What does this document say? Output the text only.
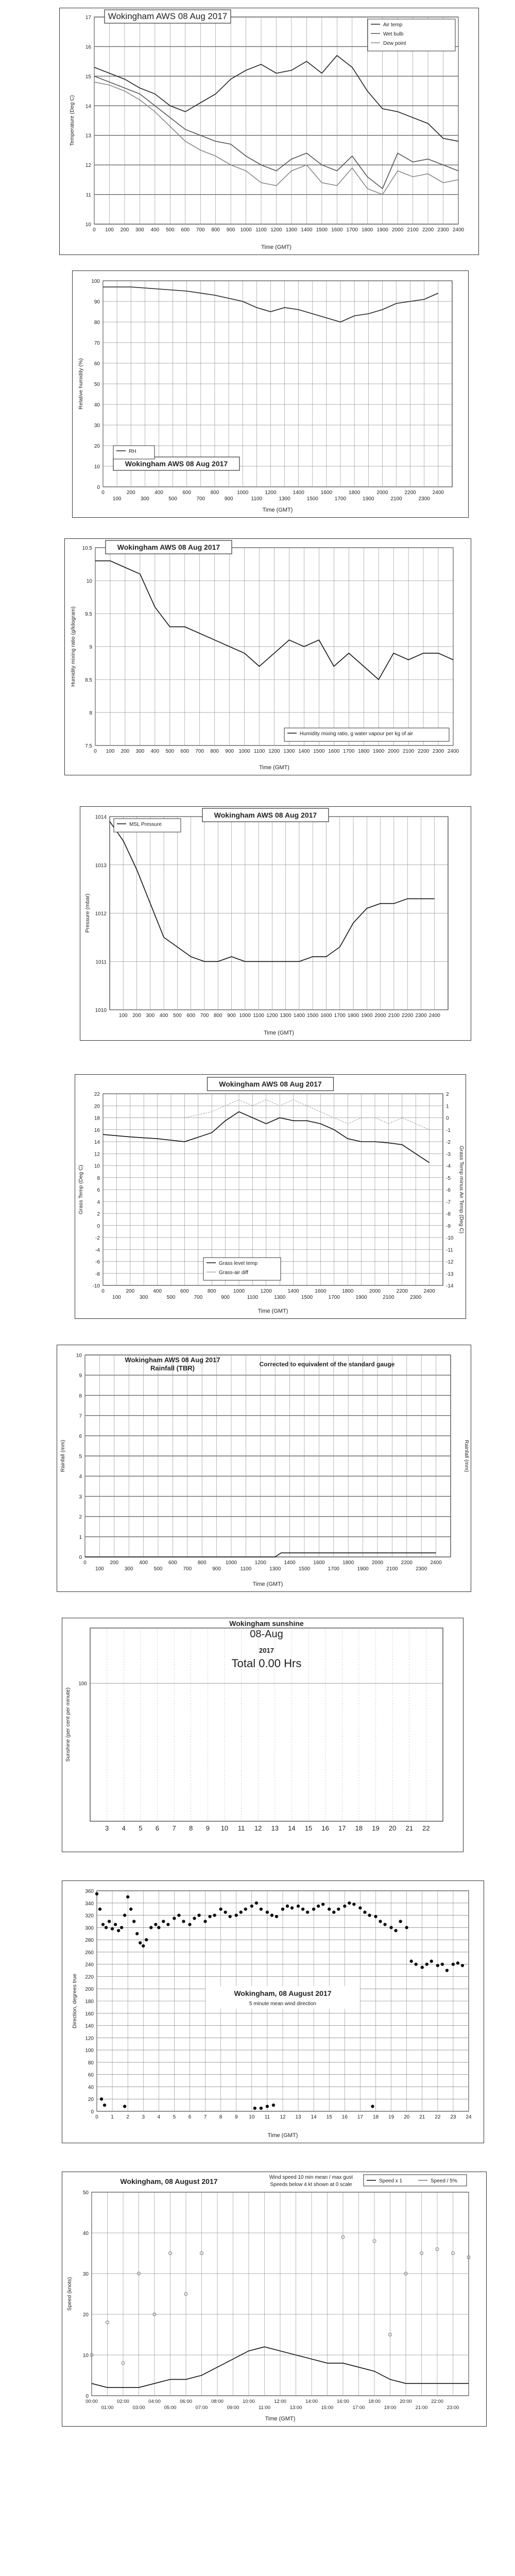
10
11
12
13
14
15
16
17
0 100 200 300 400 500 600 700 800 900 1000 1100 1200 1300 1400 1500 1600 1700 1800 1900 2000 2100 2200 2300 2400
Time (GMT)
Temperature (Deg C)
Wokingham AWS 08 Aug 2017
Air temp
Wet bulb
Dew point
0
10
20
30
40
50
60
70
80
90
100
0	200	400	600	800	1000	1200	1400	1600	1800	2000	2200	2400
100	300	500	700	900	1100	1300	1500	1700	1900	2100	2300
Time (GMT)
Relative humidity (%)
Wokingham AWS 08 Aug 2017
RH
7.5
8
8.5
9
9.5
10
10.5
0 100 200 300 400 500 600 700 800 900 1000 1100 1200 1300 1400 1500 1600 1700 1800 1900 2000 2100 2200 2300 2400
Time (GMT)
Humidity mixing ratio (g/kilogram)
Wokingham AWS 08 Aug 2017
Humidity mixing ratio, g water vapour per kg of air
1010
1011
1012
1013
1014
100 200 300 400 500 600 700 800 900 1000 1100 1200 1300 1400 1500 1600 1700 1800 1900 2000 2100 2200 2300 2400
Time (GMT)
Pressure (mbar)
Wokingham AWS 08 Aug 2017
MSL Pressure
-10
-8
-6
-4
-2
0
2
4
6
8
10
12
14
16
18
20
22
-14
-13
-12
-11
-10
-9
-8
-7
-6
-5
-4
-3
-2
-1
0
1
2
0	200	400	600	800	1000	1200	1400	1600	1800	2000	2200	2400
100	300	500	700	900	1100	1300	1500	1700	1900	2100	2300
Time (GMT)
Grass Temp (Deg C)	Grass Temp minus Air Temp (Deg C)
Wokingham AWS 08 Aug 2017
Grass level temp
Grass-air diff
0
1
2
3
4
5
6
7
8
9
10
0	200	400	600	800	1000	1200	1400	1600	1800	2000	2200	2400
100	300	500	700	900	1100	1300	1500	1700	1900	2100	2300
Time (GMT)
Rainfall (mm)	Rainfall (mm)
Wokingham AWS 08 Aug 2017
Rainfall (TBR)	Corrected to equivalent of the standard gauge
100
3 4 5 6 7 8 9 10 11 12 13 14 15 16 17 18 19 20 21 22
Sunshine (per cent per minute)
Wokingham sunshine
08-Aug
2017
Total 0.00 Hrs
0
20
40
60
80
100
120
140
160
180
200
220
240
260
280
300
320
340
360
0 1 2 3 4 5 6 7 8 9 10 11 12 13 14 15 16 17 18 19 20 21 22 23 24
Time (GMT)
Direction, degrees true	Wokingham, 08 August 2017
5 minute mean wind direction
0
10
20
30
40
50
00:00	02:00	04:00	06:00	08:00	10:00	12:00	14:00	16:00	18:00	20:00	22:00
01:00	03:00	05:00	07:00	09:00	11:00	13:00	15:00	17:00	19:00	21:00	23:00
Time (GMT)
Speed (knots)
Wokingham, 08 August 2017	Wind speed 10 min mean / max gust
Speeds below 4 kt shown at 0 scale
Speed x 1	Speed / 5%
